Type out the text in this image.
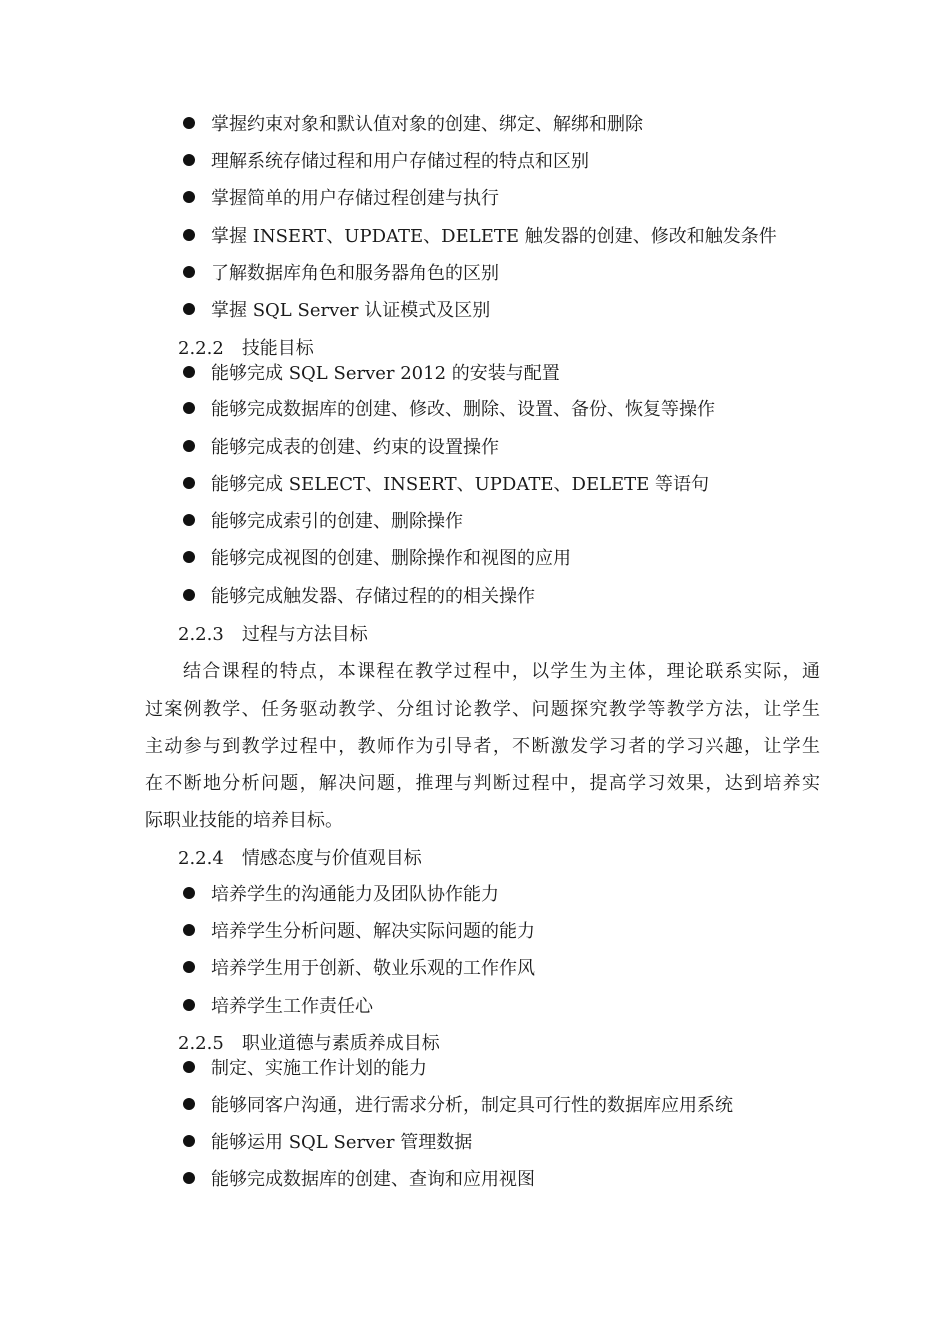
掌握约束对象和默认值对象的创建、绑定、解绑和删除
理解系统存储过程和用户存储过程的特点和区别
掌握简单的用户存储过程创建与执行
掌握 INSERT、UPDATE、DELETE 触发器的创建、修改和触发条件
了解数据库角色和服务器角色的区别
掌握 SQL Server 认证模式及区别
2.2.2 技能目标
能够完成 SQL Server 2012 的安装与配置
能够完成数据库的创建、修改、删除、设置、备份、恢复等操作
能够完成表的创建、约束的设置操作
能够完成 SELECT、INSERT、UPDATE、DELETE 等语句
能够完成索引的创建、删除操作
能够完成视图的创建、删除操作和视图的应用
能够完成触发器、存储过程的的相关操作
2.2.3 过程与方法目标
结合课程的特点，本课程在教学过程中，以学生为主体，理论联系实际，通
过案例教学、任务驱动教学、分组讨论教学、问题探究教学等教学方法，让学生
主动参与到教学过程中，教师作为引导者，不断激发学习者的学习兴趣，让学生
在不断地分析问题，解决问题，推理与判断过程中，提高学习效果，达到培养实
际职业技能的培养目标。
2.2.4 情感态度与价值观目标
培养学生的沟通能力及团队协作能力
培养学生分析问题、解决实际问题的能力
培养学生用于创新、敬业乐观的工作作风
培养学生工作责任心
2.2.5 职业道德与素质养成目标
制定、实施工作计划的能力
能够同客户沟通，进行需求分析，制定具可行性的数据库应用系统
能够运用 SQL Server 管理数据
能够完成数据库的创建、查询和应用视图
